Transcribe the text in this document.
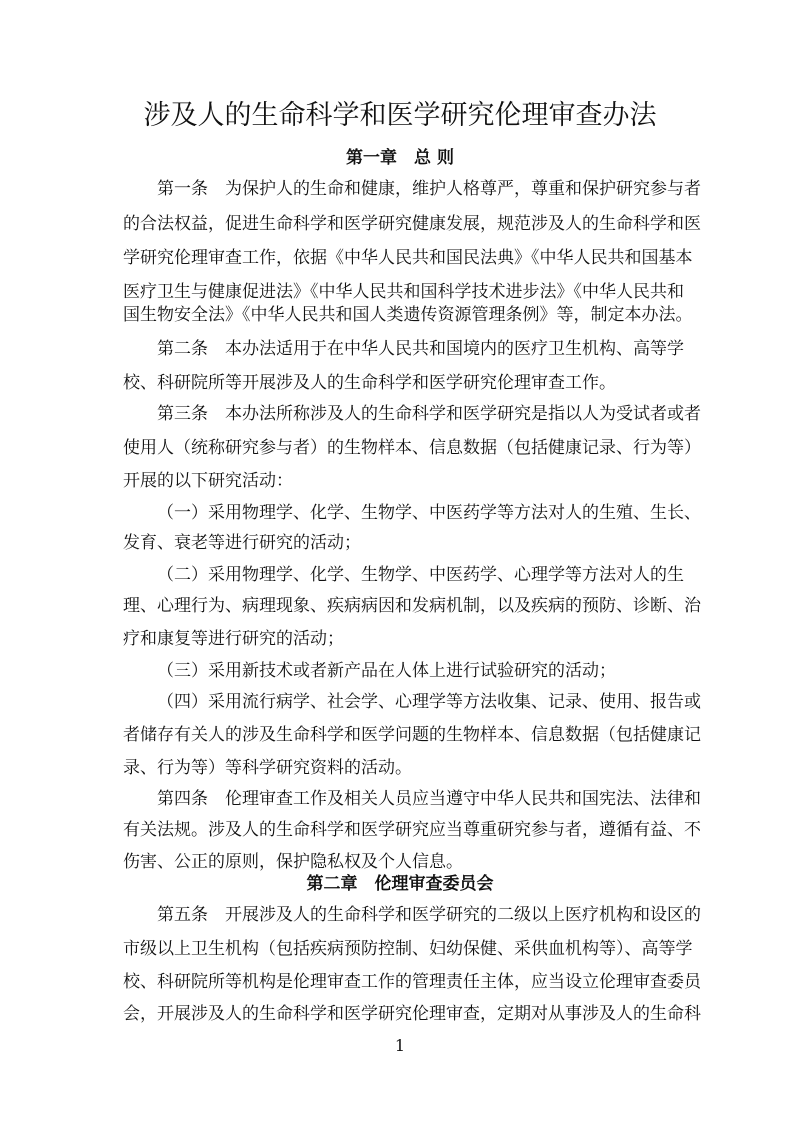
涉及人的生命科学和医学研究伦理审查办法
第一章　总 则
第一条　为保护人的生命和健康，维护人格尊严，尊重和保护研究参与者
的合法权益，促进生命科学和医学研究健康发展，规范涉及人的生命科学和医
学研究伦理审查工作，依据《中华人民共和国民法典》《中华人民共和国基本
医疗卫生与健康促进法》《中华人民共和国科学技术进步法》《中华人民共和
国生物安全法》《中华人民共和国人类遗传资源管理条例》等，制定本办法。
第二条　本办法适用于在中华人民共和国境内的医疗卫生机构、高等学
校、科研院所等开展涉及人的生命科学和医学研究伦理审查工作。
第三条　本办法所称涉及人的生命科学和医学研究是指以人为受试者或者
使用人（统称研究参与者）的生物样本、信息数据（包括健康记录、行为等）
开展的以下研究活动：
（一）采用物理学、化学、生物学、中医药学等方法对人的生殖、生长、
发育、衰老等进行研究的活动；
（二）采用物理学、化学、生物学、中医药学、心理学等方法对人的生
理、心理行为、病理现象、疾病病因和发病机制，以及疾病的预防、诊断、治
疗和康复等进行研究的活动；
（三）采用新技术或者新产品在人体上进行试验研究的活动；
（四）采用流行病学、社会学、心理学等方法收集、记录、使用、报告或
者储存有关人的涉及生命科学和医学问题的生物样本、信息数据（包括健康记
录、行为等）等科学研究资料的活动。
第四条　伦理审查工作及相关人员应当遵守中华人民共和国宪法、法律和
有关法规。涉及人的生命科学和医学研究应当尊重研究参与者，遵循有益、不
伤害、公正的原则，保护隐私权及个人信息。
第二章　伦理审查委员会
第五条　开展涉及人的生命科学和医学研究的二级以上医疗机构和设区的
市级以上卫生机构（包括疾病预防控制、妇幼保健、采供血机构等）、高等学
校、科研院所等机构是伦理审查工作的管理责任主体，应当设立伦理审查委员
会，开展涉及人的生命科学和医学研究伦理审查，定期对从事涉及人的生命科
1
